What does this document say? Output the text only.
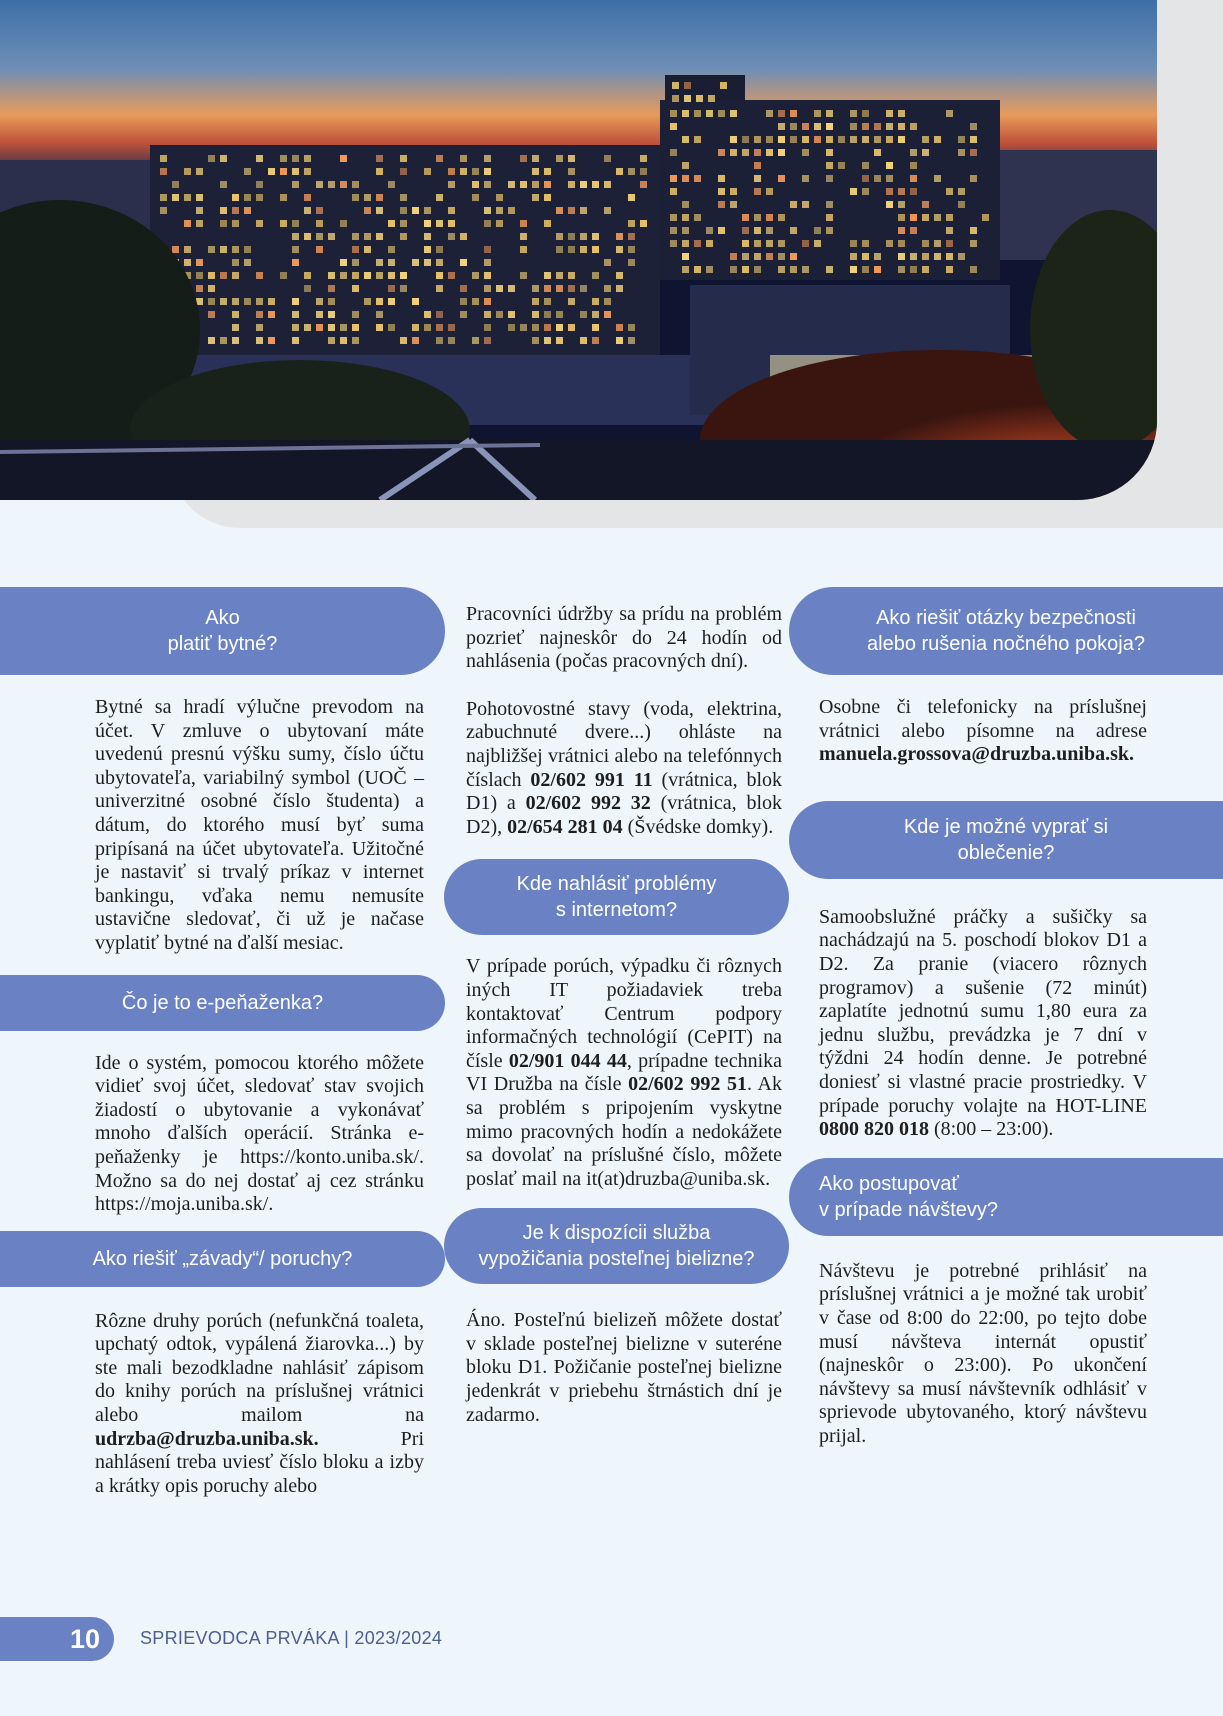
Ako
platiť bytné?

Bytné sa hradí výlučne prevodom na účet. V zmluve o ubytovaní máte uvedenú presnú výšku sumy, číslo účtu ubytovateľa, variabilný symbol (UOČ – univerzitné osobné číslo študenta) a dátum, do ktorého musí byť suma pripísaná na účet ubytovateľa. Užitočné je nastaviť si trvalý príkaz v internet bankingu, vďaka nemu nemusíte ustavične sledovať, či už je načase vyplatiť bytné na ďalší mesiac.

Čo je to e-peňaženka?

Ide o systém, pomocou ktorého môžete vidieť svoj účet, sledovať stav svojich žiadostí o ubytovanie a vykonávať mnoho ďalších operácií. Stránka e-peňaženky je https://konto.uniba.sk/. Možno sa do nej dostať aj cez stránku https://moja.uniba.sk/.

Ako riešiť „závady“/ poruchy?

Rôzne druhy porúch (nefunkčná toaleta, upchatý odtok, vypálená žiarovka...) by ste mali bezodkladne nahlásiť zápisom do knihy porúch na príslušnej vrátnici alebo mailom na udrzba@druzba.uniba.sk. Pri nahlásení treba uviesť číslo bloku a izby a krátky opis poruchy alebo

Pracovníci údržby sa prídu na problém pozrieť najneskôr do 24 hodín od nahlásenia (počas pracovných dní).

Pohotovostné stavy (voda, elektrina, zabuchnuté dvere...) ohláste na najbližšej vrátnici alebo na telefónnych číslach 02/602 991 11 (vrátnica, blok D1) a 02/602 992 32 (vrátnica, blok D2), 02/654 281 04 (Švédske domky).

Kde nahlásiť problémy
s internetom?

V prípade porúch, výpadku či rôznych iných IT požiadaviek treba kontaktovať Centrum podpory informačných technológií (CePIT) na čísle 02/901 044 44, prípadne technika VI Družba na čísle 02/602 992 51. Ak sa problém s pripojením vyskytne mimo pracovných hodín a nedokážete sa dovolať na príslušné číslo, môžete poslať mail na it(at)druzba@uniba.sk.

Je k dispozícii služba
vypožičania posteľnej bielizne?

Áno. Posteľnú bielizeň môžete dostať v sklade posteľnej bielizne v suteréne bloku D1. Požičanie posteľnej bielizne jedenkrát v priebehu štrnástich dní je zadarmo.

Ako riešiť otázky bezpečnosti
alebo rušenia nočného pokoja?

Osobne či telefonicky na príslušnej vrátnici alebo písomne na adrese manuela.grossova@druzba.uniba.sk.

Kde je možné vyprať si
oblečenie?

Samoobslužné práčky a sušičky sa nachádzajú na 5. poschodí blokov D1 a D2. Za pranie (viacero rôznych programov) a sušenie (72 minút) zaplatíte jednotnú sumu 1,80 eura za jednu službu, prevádzka je 7 dní v týždni 24 hodín denne. Je potrebné doniesť si vlastné pracie prostriedky. V prípade poruchy volajte na HOT-LINE 0800 820 018 (8:00 – 23:00).

Ako postupovať
v prípade návštevy?

Návštevu je potrebné prihlásiť na príslušnej vrátnici a je možné tak urobiť v čase od 8:00 do 22:00, po tejto dobe musí návšteva internát opustiť (najneskôr o 23:00). Po ukončení návštevy sa musí návštevník odhlásiť v sprievode ubytovaného, ktorý návštevu prijal.

10	SPRIEVODCA PRVÁKA | 2023/2024
